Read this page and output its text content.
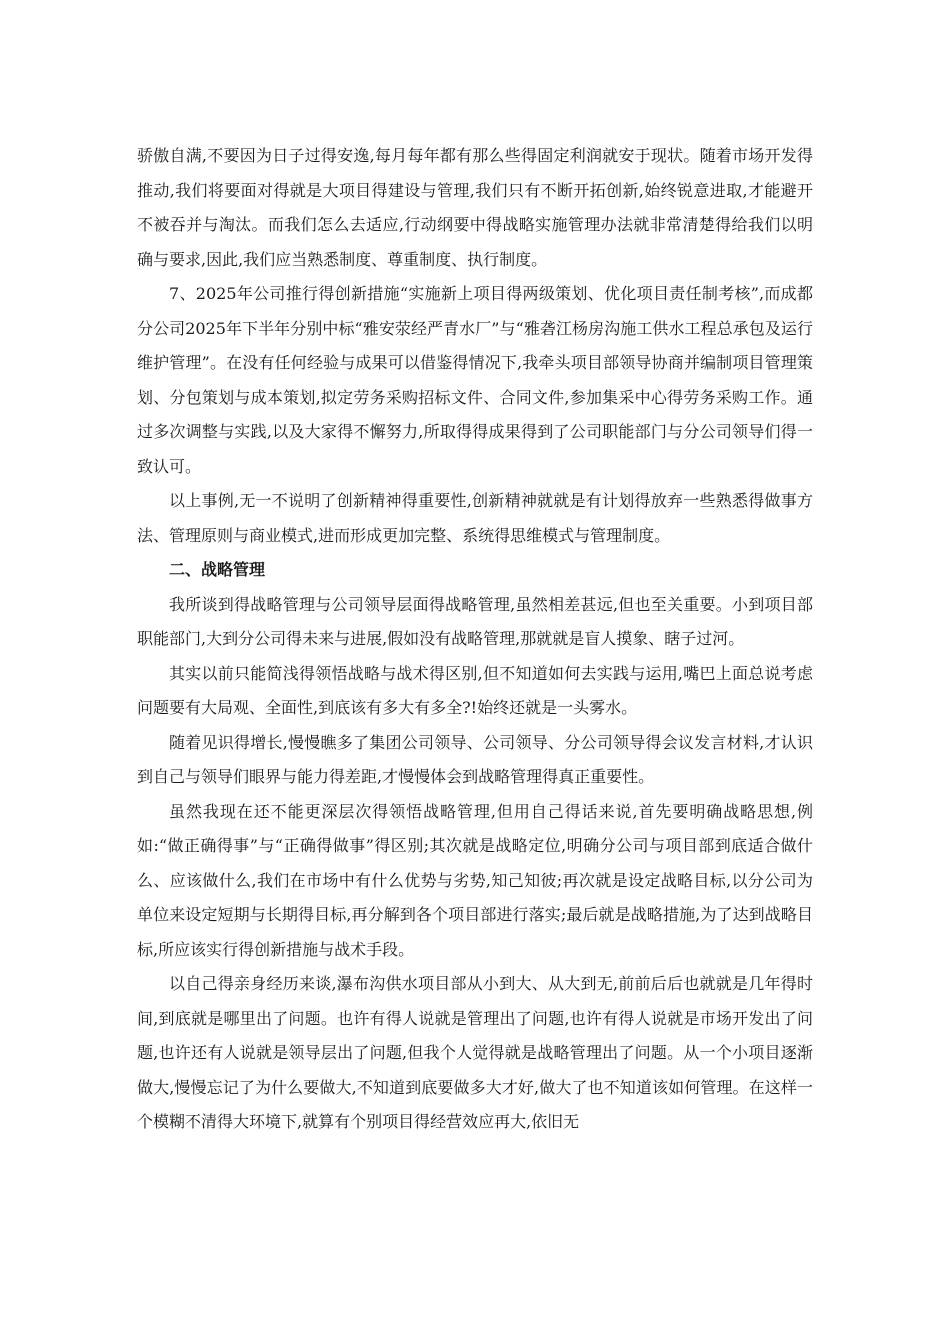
骄傲自满,不要因为日子过得安逸,每月每年都有那么些得固定利润就安于现状。随着市场开发得推动,我们将要面对得就是大项目得建设与管理,我们只有不断开拓创新,始终锐意进取,才能避开不被吞并与淘汰。而我们怎么去适应,行动纲要中得战略实施管理办法就非常清楚得给我们以明确与要求,因此,我们应当熟悉制度、尊重制度、执行制度。

7、2025年公司推行得创新措施“实施新上项目得两级策划、优化项目责任制考核”,而成都分公司2025年下半年分别中标“雅安荥经严青水厂”与“雅砻江杨房沟施工供水工程总承包及运行维护管理”。在没有任何经验与成果可以借鉴得情况下,我牵头项目部领导协商并编制项目管理策划、分包策划与成本策划,拟定劳务采购招标文件、合同文件,参加集采中心得劳务采购工作。通过多次调整与实践,以及大家得不懈努力,所取得得成果得到了公司职能部门与分公司领导们得一致认可。

以上事例,无一不说明了创新精神得重要性,创新精神就就是有计划得放弃一些熟悉得做事方法、管理原则与商业模式,进而形成更加完整、系统得思维模式与管理制度。

二、战略管理

我所谈到得战略管理与公司领导层面得战略管理,虽然相差甚远,但也至关重要。小到项目部职能部门,大到分公司得未来与进展,假如没有战略管理,那就就是盲人摸象、瞎子过河。

其实以前只能简浅得领悟战略与战术得区别,但不知道如何去实践与运用,嘴巴上面总说考虑问题要有大局观、全面性,到底该有多大有多全?!始终还就是一头雾水。

随着见识得增长,慢慢瞧多了集团公司领导、公司领导、分公司领导得会议发言材料,才认识到自己与领导们眼界与能力得差距,才慢慢体会到战略管理得真正重要性。

虽然我现在还不能更深层次得领悟战略管理,但用自己得话来说,首先要明确战略思想,例如:“做正确得事”与“正确得做事”得区别;其次就是战略定位,明确分公司与项目部到底适合做什么、应该做什么,我们在市场中有什么优势与劣势,知己知彼;再次就是设定战略目标,以分公司为单位来设定短期与长期得目标,再分解到各个项目部进行落实;最后就是战略措施,为了达到战略目标,所应该实行得创新措施与战术手段。

以自己得亲身经历来谈,瀑布沟供水项目部从小到大、从大到无,前前后后也就就是几年得时间,到底就是哪里出了问题。也许有得人说就是管理出了问题,也许有得人说就是市场开发出了问题,也许还有人说就是领导层出了问题,但我个人觉得就是战略管理出了问题。从一个小项目逐渐做大,慢慢忘记了为什么要做大,不知道到底要做多大才好,做大了也不知道该如何管理。在这样一个模糊不清得大环境下,就算有个别项目得经营效应再大,依旧无
